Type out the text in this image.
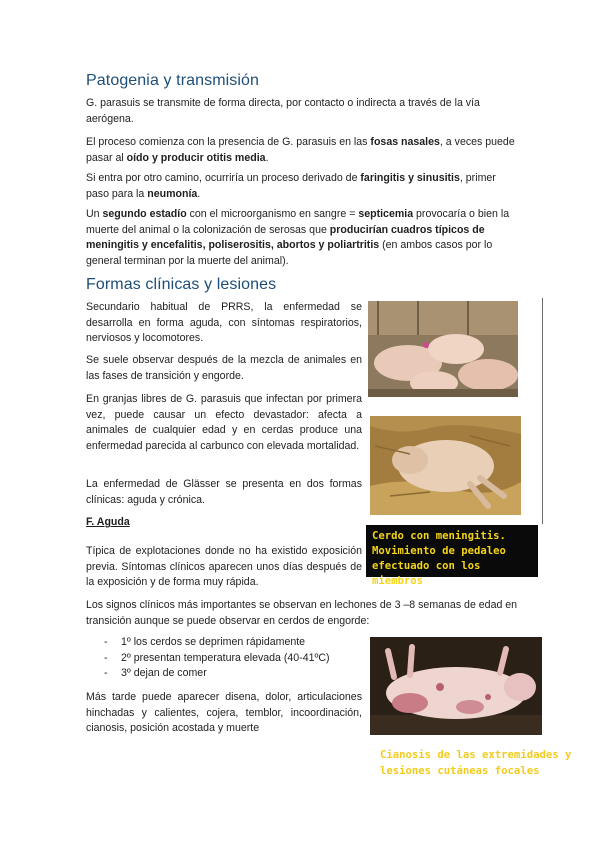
Patogenia y transmisión

G. parasuis se transmite de forma directa, por contacto o indirecta a través de la vía aerógena.

El proceso comienza con la presencia de G. parasuis en las fosas nasales, a veces puede pasar al oído y producir otitis media.

Si entra por otro camino, ocurriría un proceso derivado de faringitis y sinusitis, primer paso para la neumonía.

Un segundo estadío con el microorganismo en sangre = septicemia provocaría o bien la muerte del animal o la colonización de serosas que producirían cuadros típicos de meningitis y encefalitis, poliserositis, abortos y poliartritis (en ambos casos por lo general terminan por la muerte del animal).

Formas clínicas y lesiones

Secundario habitual de PRRS, la enfermedad se desarrolla en forma aguda, con síntomas respiratorios, nerviosos y locomotores.

Se suele observar después de la mezcla de animales en las fases de transición y engorde.

En granjas libres de G. parasuis que infectan por primera vez, puede causar un efecto devastador: afecta a animales de cualquier edad y en cerdas produce una enfermedad parecida al carbunco con elevada mortalidad.

La enfermedad de Glässer se presenta en dos formas clínicas: aguda y crónica.

F. Aguda

Típica de explotaciones donde no ha existido exposición previa. Síntomas clínicos aparecen unos días después de la exposición y de forma muy rápida.

Los signos clínicos más importantes se observan en lechones de 3 –8 semanas de edad en transición aunque se puede observar en cerdos de engorde:

- 1º los cerdos se deprimen rápidamente
- 2º presentan temperatura elevada (40-41ºC)
- 3º dejan de comer

Más tarde puede aparecer disena, dolor, articulaciones hinchadas y calientes, cojera, temblor, incoordinación, cianosis, posición acostada y muerte

Cerdo con meningitis.
Movimiento de pedaleo
efectuado con los miembros
Cianosis de las extremidades y
lesiones cutáneas focales
